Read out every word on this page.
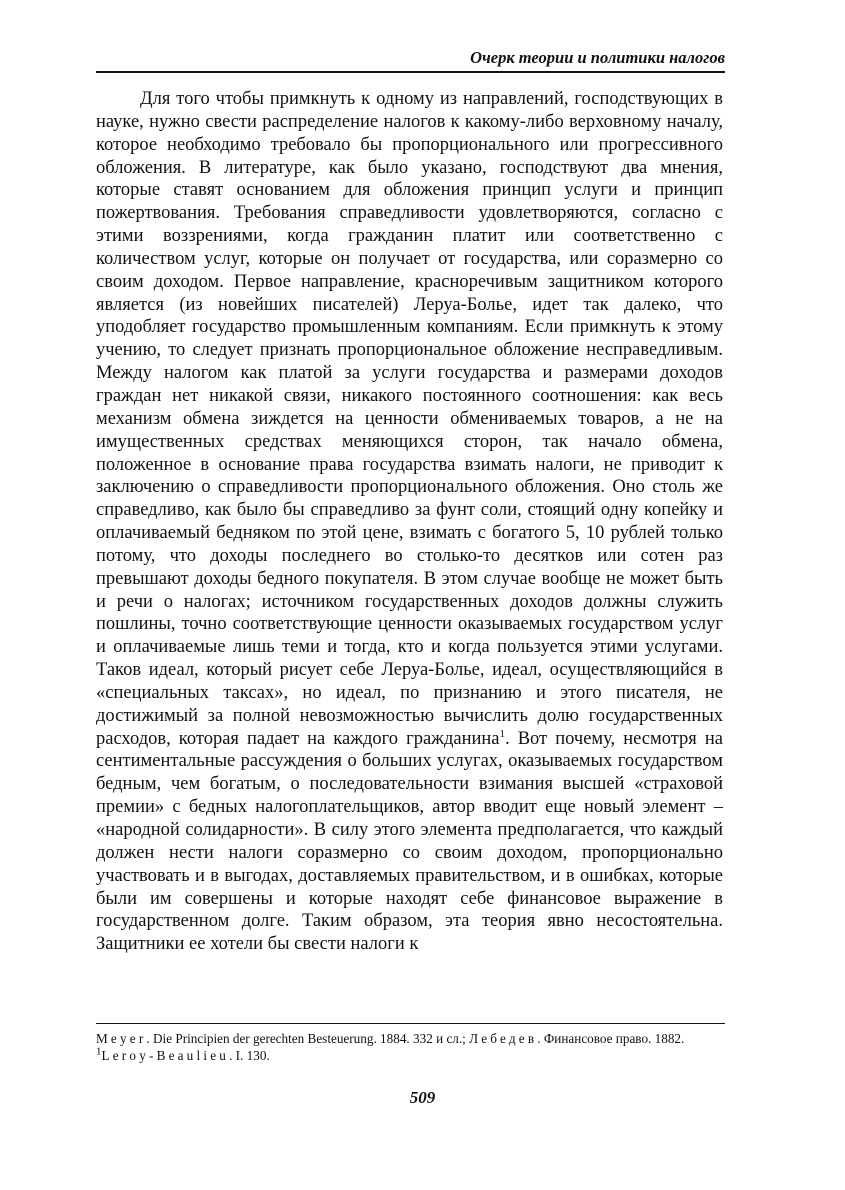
Очерк теории и политики налогов

Для того чтобы примкнуть к одному из направлений, господствующих в науке, нужно свести распределение налогов к какому-либо верховному началу, которое необходимо требовало бы пропорционального или прогрессивного обложения. В литературе, как было указано, господствуют два мнения, которые ставят основанием для обложения принцип услуги и принцип пожертвования. Требования справедливости удовлетворяются, согласно с этими воззрениями, когда гражданин платит или соответственно с количеством услуг, которые он получает от государства, или соразмерно со своим доходом. Первое направление, красноречивым защитником которого является (из новейших писателей) Леруа-Болье, идет так далеко, что уподобляет государство промышленным компаниям. Если примкнуть к этому учению, то следует признать пропорциональное обложение несправедливым. Между налогом как платой за услуги государства и размерами доходов граждан нет никакой связи, никакого постоянного соотношения: как весь механизм обмена зиждется на ценности обмениваемых товаров, а не на имущественных средствах меняющихся сторон, так начало обмена, положенное в основание права государства взимать налоги, не приводит к заключению о справедливости пропорционального обложения. Оно столь же справедливо, как было бы справедливо за фунт соли, стоящий одну копейку и оплачиваемый бедняком по этой цене, взимать с богатого 5, 10 рублей только потому, что доходы последнего во столько-то десятков или сотен раз превышают доходы бедного покупателя. В этом случае вообще не может быть и речи о налогах; источником государственных доходов должны служить пошлины, точно соответствующие ценности оказываемых государством услуг и оплачиваемые лишь теми и тогда, кто и когда пользуется этими услугами. Таков идеал, который рисует себе Леруа-Болье, идеал, осуществляющийся в «специальных таксах», но идеал, по признанию и этого писателя, не достижимый за полной невозможностью вычислить долю государственных расходов, которая падает на каждого гражданина$^1$. Вот почему, несмотря на сентиментальные рассуждения о больших услугах, оказываемых государством бедным, чем богатым, о последовательности взимания высшей «страховой премии» с бедных налогоплательщиков, автор вводит еще новый элемент – «народной солидарности». В силу этого элемента предполагается, что каждый должен нести налоги соразмерно со своим доходом, пропорционально участвовать и в выгодах, доставляемых правительством, и в ошибках, которые были им совершены и которые находят себе финансовое выражение в государственном долге. Таким образом, эта теория явно несостоятельна. Защитники ее хотели бы свести налоги к

Meyer. Die Principien der gerechten Besteuerung. 1884. 332 и сл.; Лебедев. Финансовое право. 1882.

$^1$Leroy-Beaulieu. I. 130.

509
